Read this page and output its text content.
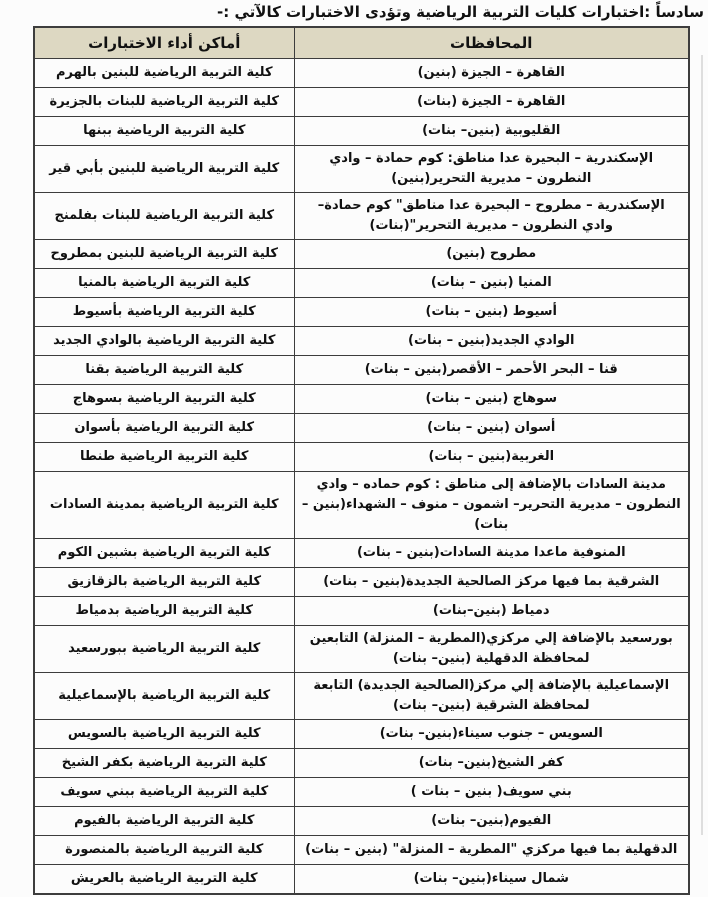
سادساً :اختبارات كليات التربية الرياضية وتؤدى الاختبارات كالآتي :-
المحافظات	أماكن أداء الاختبارات
القاهرة – الجيزة (بنين)	كلية التربية الرياضية للبنين بالهرم
القاهرة – الجيزة (بنات)	كلية التربية الرياضية للبنات بالجزيرة
القليوبية (بنين– بنات)	كلية التربية الرياضية ببنها
الإسكندرية – البحيرة عدا مناطق: كوم حمادة – وادي النطرون – مديرية التحرير(بنين)	كلية التربية الرياضية للبنين بأبي قير
الإسكندرية – مطروح – البحيرة عدا مناطق" كوم حمادة– وادي النطرون – مديرية التحرير"(بنات)	كلية التربية الرياضية للبنات بفلمنج
مطروح (بنين)	كلية التربية الرياضية للبنين بمطروح
المنيا (بنين – بنات)	كلية التربية الرياضية بالمنيا
أسيوط (بنين – بنات)	كلية التربية الرياضية بأسيوط
الوادي الجديد(بنين – بنات)	كلية التربية الرياضية بالوادي الجديد
قنا – البحر الأحمر – الأقصر(بنين – بنات)	كلية التربية الرياضية بقنا
سوهاج (بنين – بنات)	كلية التربية الرياضية بسوهاج
أسوان (بنين – بنات)	كلية التربية الرياضية بأسوان
الغربية(بنين – بنات)	كلية التربية الرياضية طنطا
مدينة السادات بالإضافة إلى مناطق : كوم حماده – وادي النطرون – مديرية التحرير– اشمون – منوف – الشهداء(بنين – بنات)	كلية التربية الرياضية بمدينة السادات
المنوفية ماعدا مدينة السادات(بنين – بنات)	كلية التربية الرياضية بشبين الكوم
الشرقية بما فيها مركز الصالحية الجديدة(بنين – بنات)	كلية التربية الرياضية بالزقازيق
دمياط (بنين–بنات)	كلية التربية الرياضية بدمياط
بورسعيد بالإضافة إلي مركزي(المطرية – المنزلة) التابعين لمحافظة الدقهلية (بنين– بنات)	كلية التربية الرياضية ببورسعيد
الإسماعيلية بالإضافة إلي مركز(الصالحية الجديدة) التابعة لمحافظة الشرقية (بنين– بنات)	كلية التربية الرياضية بالإسماعيلية
السويس – جنوب سيناء(بنين– بنات)	كلية التربية الرياضية بالسويس
كفر الشيخ(بنين– بنات)	كلية التربية الرياضية بكفر الشيخ
بني سويف( بنين – بنات )	كلية التربية الرياضية ببني سويف
الفيوم(بنين– بنات)	كلية التربية الرياضية بالفيوم
الدقهلية بما فيها مركزي "المطرية – المنزلة" (بنين – بنات)	كلية التربية الرياضية بالمنصورة
شمال سيناء(بنين– بنات)	كلية التربية الرياضية بالعريش
